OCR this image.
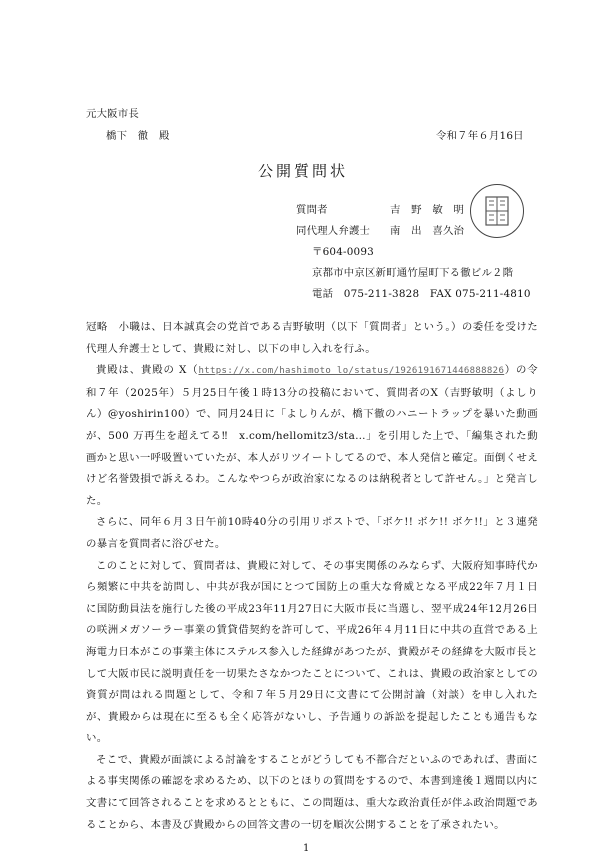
元大阪市長
橋下　徹　殿	令和７年６月16日
公開質問状
質問者	吉　野　敏　明
同代理人弁護士 南　出　喜久治
〒604-0093
京都市中京区新町通竹屋町下る徹ビル２階
電話　075-211-3828　FAX 075-211-4810

冠略　小職は、日本誠真会の党首である吉野敏明（以下「質問者」という。）の委任を受けた代理人弁護士として、貴殿に対し、以下の申し入れを行ふ。

貴殿は、貴殿の X（https://x.com/hashimoto_lo/status/1926191671446888826）の令和７年（2025年）５月25日午後１時13分の投稿において、質問者のX（吉野敏明（よしりん）@yoshirin100）で、同月24日に「よしりんが、橋下徹のハニートラップを暴いた動画が、500 万再生を超えてる‼　x.com/hellomitz3/sta…」を引用した上で、「編集された動画かと思い一呼吸置いていたが、本人がリツイートしてるので、本人発信と確定。面倒くせえけど名誉毀損で訴えるわ。こんなやつらが政治家になるのは納税者として許せん。」と発言した。

さらに、同年６月３日午前10時40分の引用リポストで、「ボケ!! ボケ!! ボケ!!」と３連発の暴言を質問者に浴びせた。

このことに対して、質問者は、貴殿に対して、その事実関係のみならず、大阪府知事時代から頻繁に中共を訪問し、中共が我が国にとつて国防上の重大な脅威となる平成22年７月１日に国防動員法を施行した後の平成23年11月27日に大阪市長に当選し、翌平成24年12月26日の咲洲メガソーラー事業の賃貸借契約を許可して、平成26年４月11日に中共の直営である上海電力日本がこの事業主体にステルス参入した経緯があつたが、貴殿がその経緯を大阪市長として大阪市民に説明責任を一切果たさなかつたことについて、これは、貴殿の政治家としての資質が問はれる問題として、令和７年５月29日に文書にて公開討論（対談）を申し入れたが、貴殿からは現在に至るも全く応答がないし、予告通りの訴訟を提起したことも通告もない。

そこで、貴殿が面談による討論をすることがどうしても不都合だといふのであれば、書面による事実関係の確認を求めるため、以下のとほりの質問をするので、本書到達後１週間以内に文書にて回答されることを求めるとともに、この問題は、重大な政治責任が伴ふ政治問題であることから、本書及び貴殿からの回答文書の一切を順次公開することを了承されたい。

1
